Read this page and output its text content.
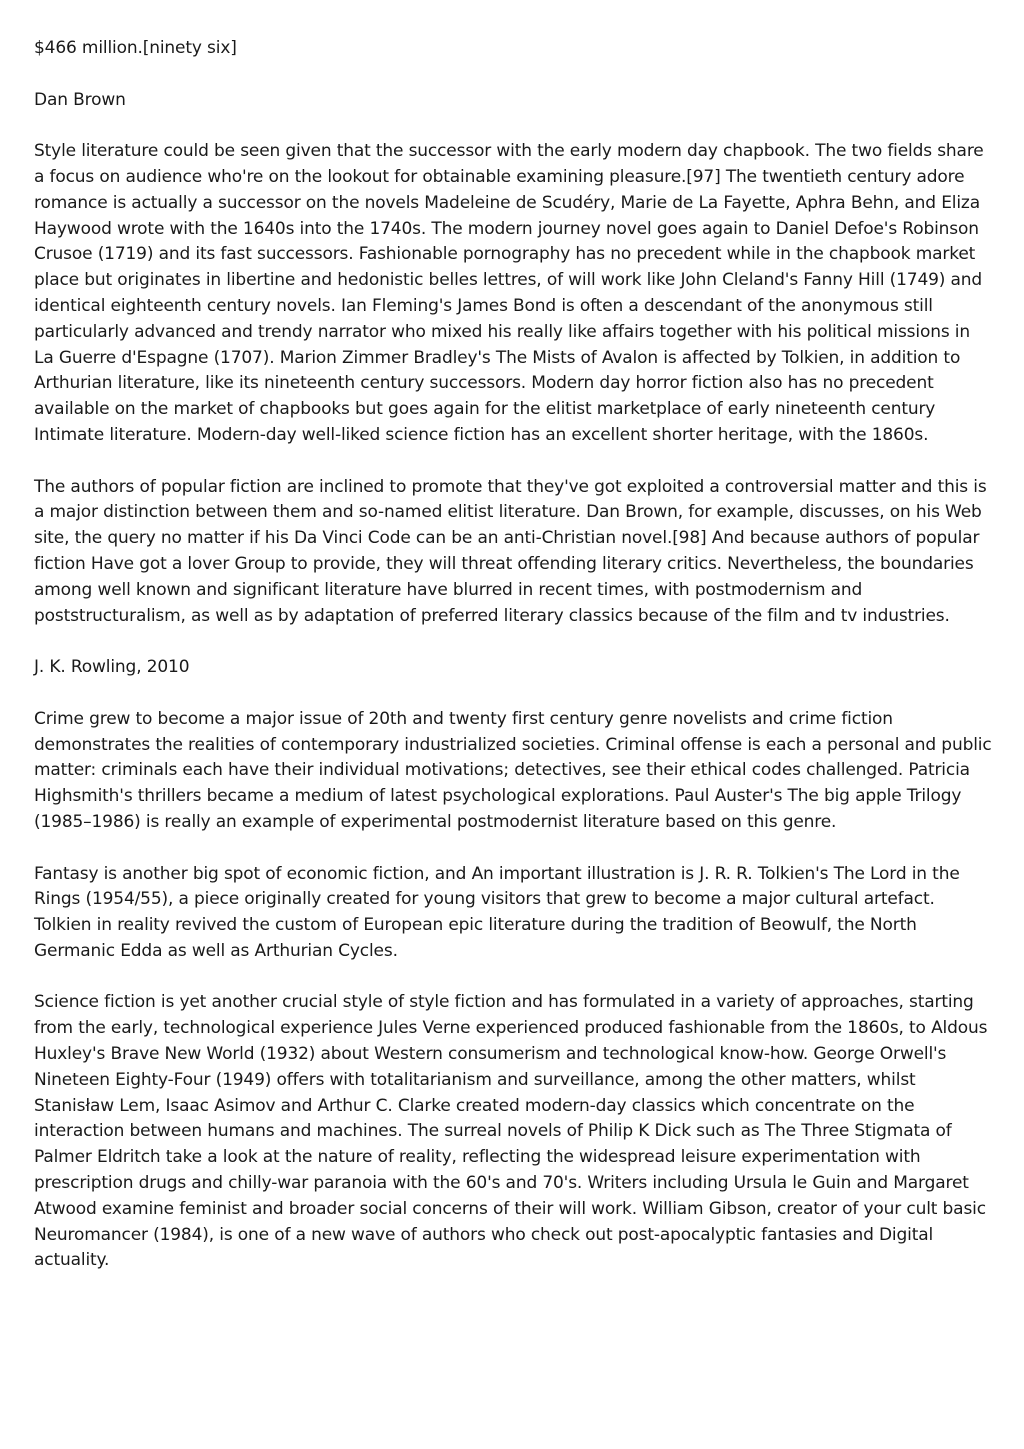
$466 million.[ninety six]

Dan Brown

Style literature could be seen given that the successor with the early modern day chapbook. The two fields share a focus on audience who're on the lookout for obtainable examining pleasure.[97] The twentieth century adore romance is actually a successor on the novels Madeleine de Scudéry, Marie de La Fayette, Aphra Behn, and Eliza Haywood wrote with the 1640s into the 1740s. The modern journey novel goes again to Daniel Defoe's Robinson Crusoe (1719) and its fast successors. Fashionable pornography has no precedent while in the chapbook market place but originates in libertine and hedonistic belles lettres, of will work like John Cleland's Fanny Hill (1749) and identical eighteenth century novels. Ian Fleming's James Bond is often a descendant of the anonymous still particularly advanced and trendy narrator who mixed his really like affairs together with his political missions in La Guerre d'Espagne (1707). Marion Zimmer Bradley's The Mists of Avalon is affected by Tolkien, in addition to Arthurian literature, like its nineteenth century successors. Modern day horror fiction also has no precedent available on the market of chapbooks but goes again for the elitist marketplace of early nineteenth century Intimate literature. Modern-day well-liked science fiction has an excellent shorter heritage, with the 1860s.

The authors of popular fiction are inclined to promote that they've got exploited a controversial matter and this is a major distinction between them and so-named elitist literature. Dan Brown, for example, discusses, on his Web site, the query no matter if his Da Vinci Code can be an anti-Christian novel.[98] And because authors of popular fiction Have got a lover Group to provide, they will threat offending literary critics. Nevertheless, the boundaries among well known and significant literature have blurred in recent times, with postmodernism and poststructuralism, as well as by adaptation of preferred literary classics because of the film and tv industries.

J. K. Rowling, 2010

Crime grew to become a major issue of 20th and twenty first century genre novelists and crime fiction demonstrates the realities of contemporary industrialized societies. Criminal offense is each a personal and public matter: criminals each have their individual motivations; detectives, see their ethical codes challenged. Patricia Highsmith's thrillers became a medium of latest psychological explorations. Paul Auster's The big apple Trilogy (1985–1986) is really an example of experimental postmodernist literature based on this genre.

Fantasy is another big spot of economic fiction, and An important illustration is J. R. R. Tolkien's The Lord in the Rings (1954/55), a piece originally created for young visitors that grew to become a major cultural artefact. Tolkien in reality revived the custom of European epic literature during the tradition of Beowulf, the North Germanic Edda as well as Arthurian Cycles.

Science fiction is yet another crucial style of style fiction and has formulated in a variety of approaches, starting from the early, technological experience Jules Verne experienced produced fashionable from the 1860s, to Aldous Huxley's Brave New World (1932) about Western consumerism and technological know-how. George Orwell's Nineteen Eighty-Four (1949) offers with totalitarianism and surveillance, among the other matters, whilst Stanisław Lem, Isaac Asimov and Arthur C. Clarke created modern-day classics which concentrate on the interaction between humans and machines. The surreal novels of Philip K Dick such as The Three Stigmata of Palmer Eldritch take a look at the nature of reality, reflecting the widespread leisure experimentation with prescription drugs and chilly-war paranoia with the 60's and 70's. Writers including Ursula le Guin and Margaret Atwood examine feminist and broader social concerns of their will work. William Gibson, creator of your cult basic Neuromancer (1984), is one of a new wave of authors who check out post-apocalyptic fantasies and Digital actuality.
